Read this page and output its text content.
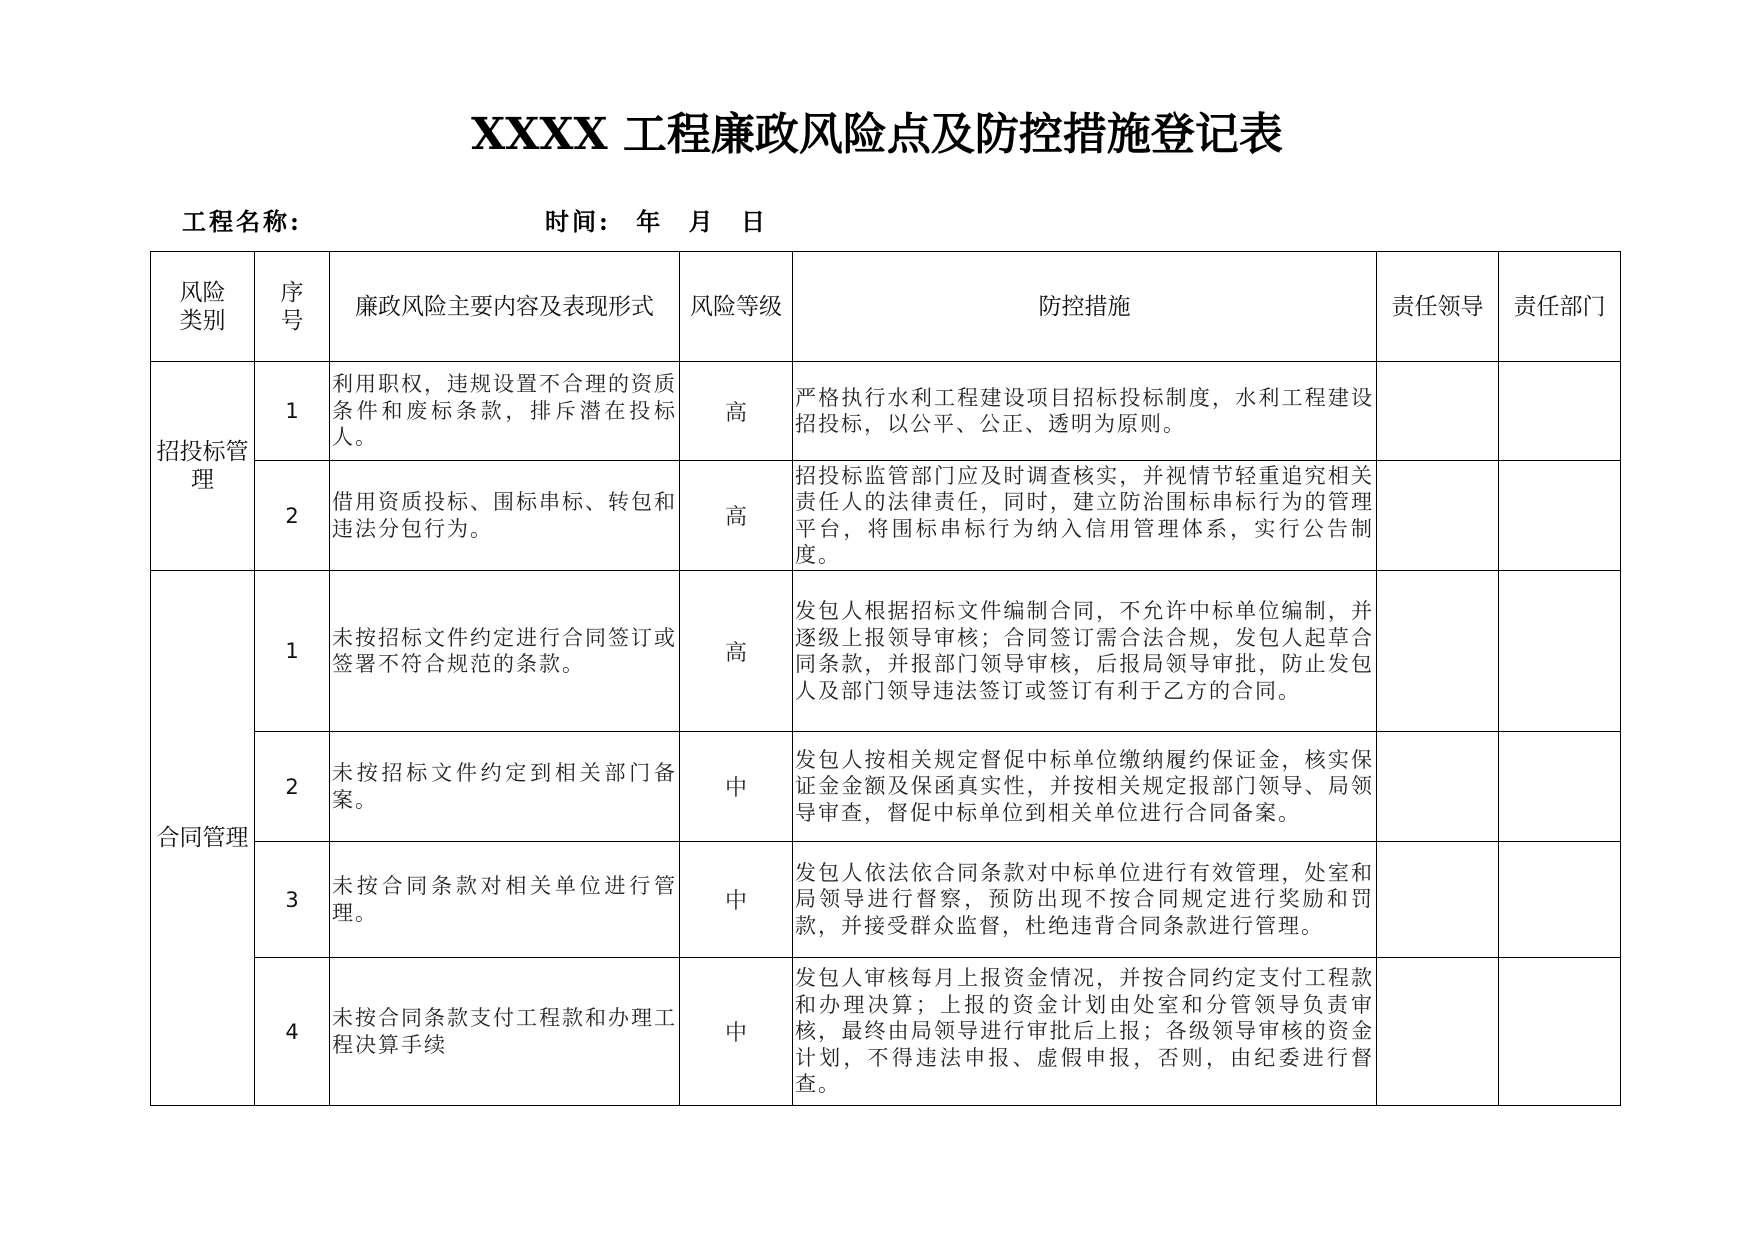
XXXX 工程廉政风险点及防控措施登记表
工程名称:	时间: 年 月 日
风险类别	序号	廉政风险主要内容及表现形式	风险等级	防控措施	责任领导	责任部门

招投标管理	1	利用职权，违规设置不合理的资质条件和废标条款，排斥潜在投标人。	高	严格执行水利工程建设项目招标投标制度，水利工程建设招投标，以公平、公正、透明为原则。		
	2	借用资质投标、围标串标、转包和违法分包行为。	高	招投标监管部门应及时调查核实，并视情节轻重追究相关责任人的法律责任，同时，建立防治围标串标行为的管理平台，将围标串标行为纳入信用管理体系，实行公告制度。		

合同管理	1	未按招标文件约定进行合同签订或签署不符合规范的条款。	高	发包人根据招标文件编制合同，不允许中标单位编制，并逐级上报领导审核；合同签订需合法合规，发包人起草合同条款，并报部门领导审核，后报局领导审批，防止发包人及部门领导违法签订或签订有利于乙方的合同。		
	2	未按招标文件约定到相关部门备案。	中	发包人按相关规定督促中标单位缴纳履约保证金，核实保证金金额及保函真实性，并按相关规定报部门领导、局领导审查，督促中标单位到相关单位进行合同备案。		
	3	未按合同条款对相关单位进行管理。	中	发包人依法依合同条款对中标单位进行有效管理，处室和局领导进行督察，预防出现不按合同规定进行奖励和罚款，并接受群众监督，杜绝违背合同条款进行管理。		
	4	未按合同条款支付工程款和办理工程决算手续	中	发包人审核每月上报资金情况，并按合同约定支付工程款和办理决算；上报的资金计划由处室和分管领导负责审核，最终由局领导进行审批后上报；各级领导审核的资金计划，不得违法申报、虚假申报，否则，由纪委进行督查。		
